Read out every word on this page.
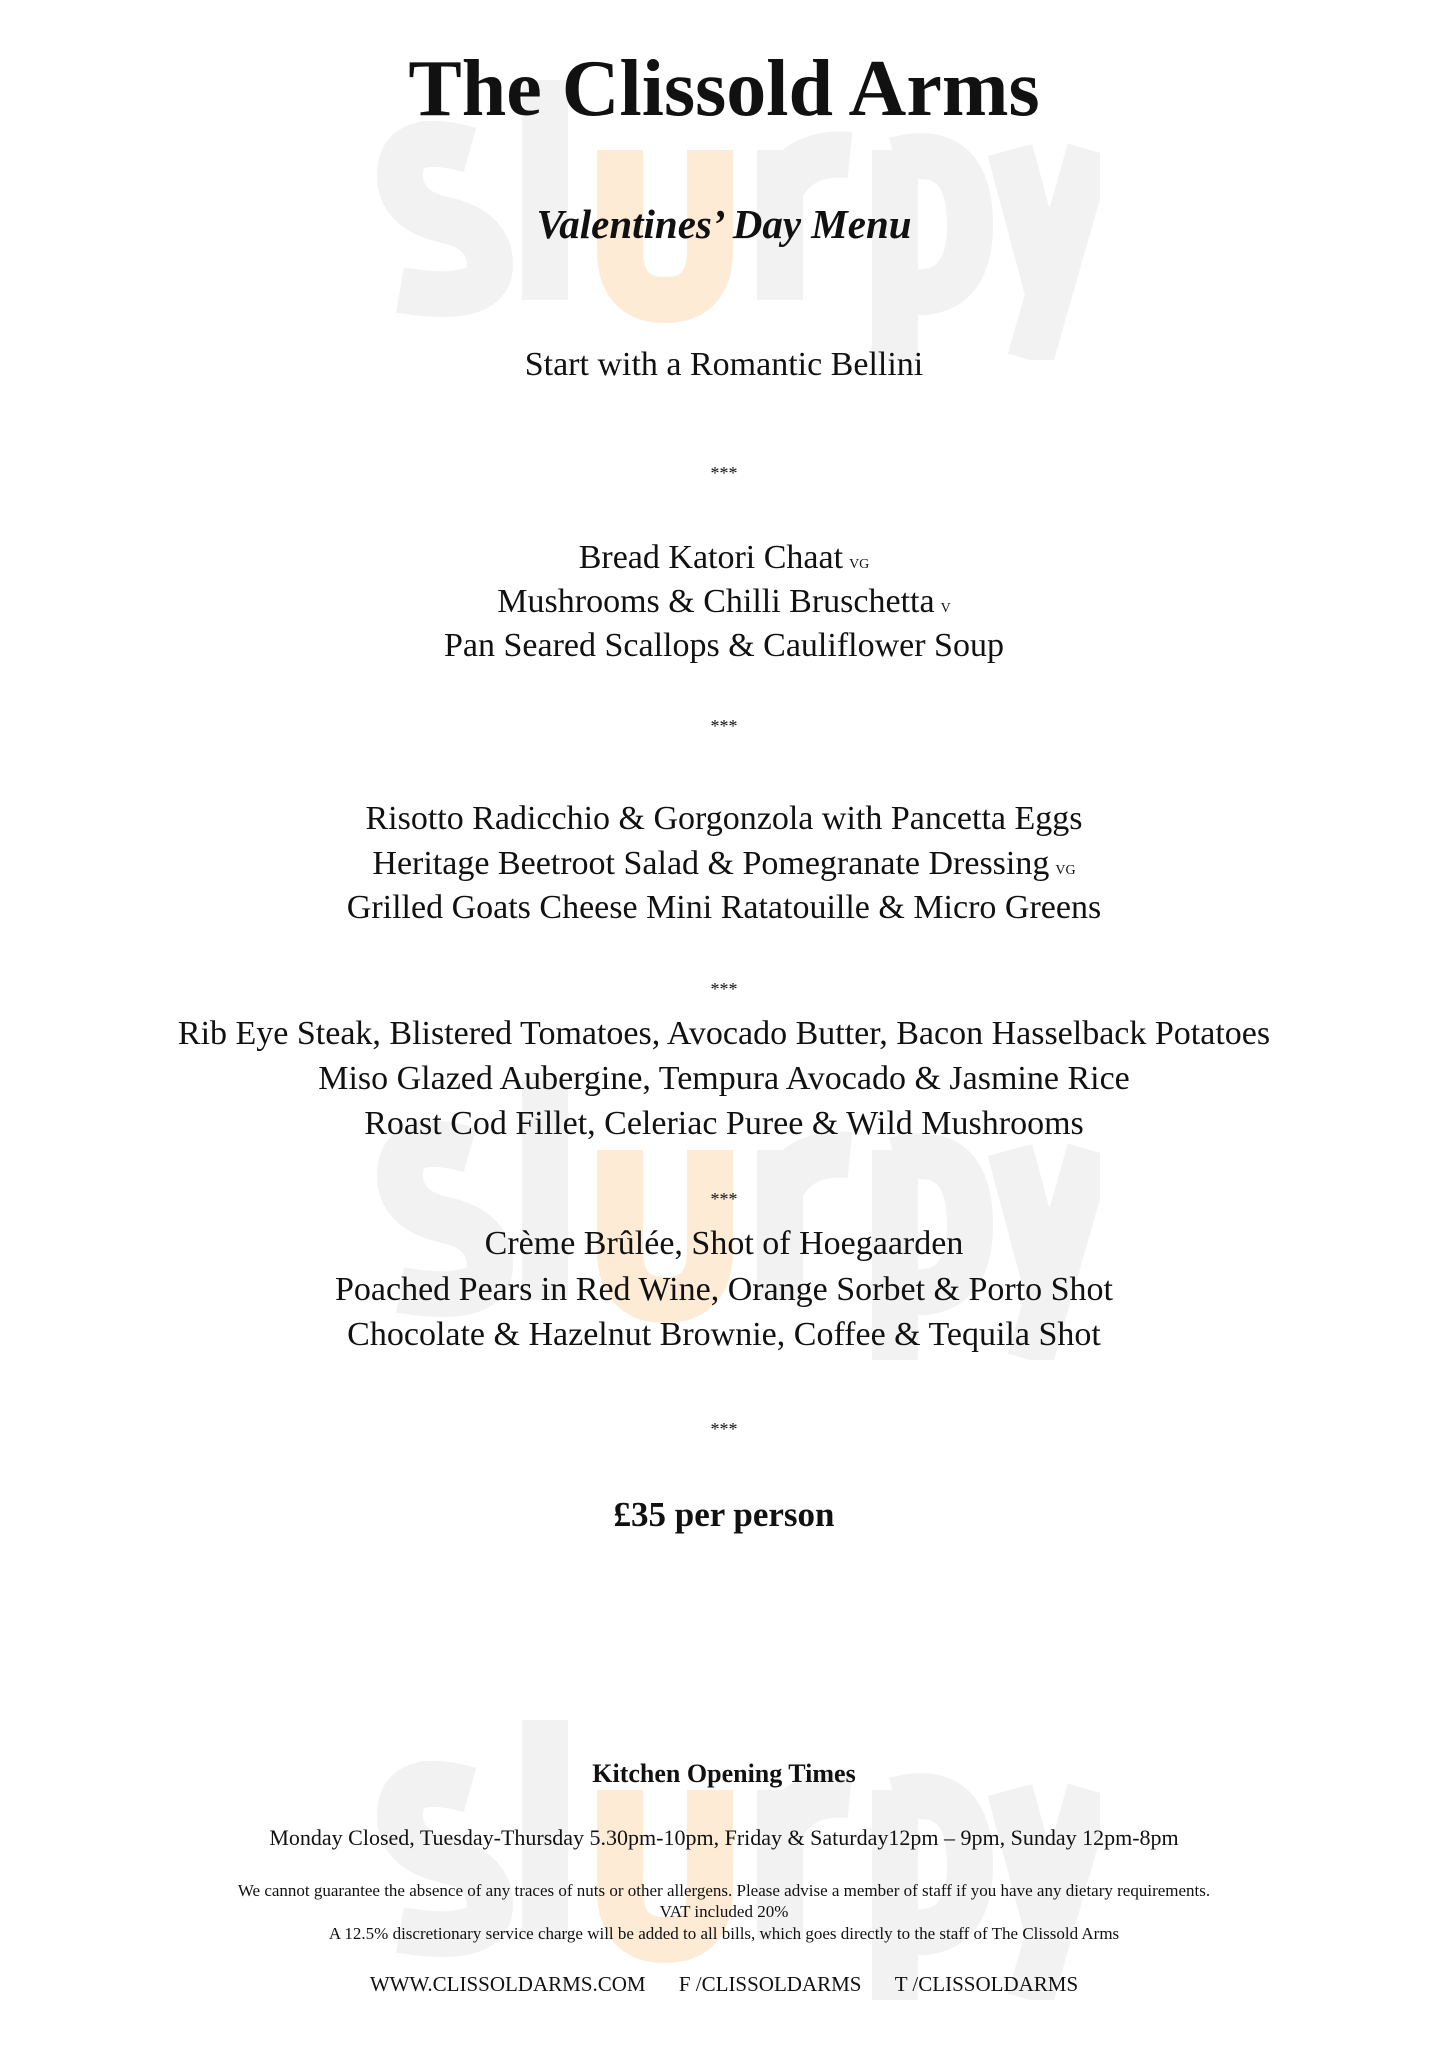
The Clissold Arms
Valentines’ Day Menu
Start with a Romantic Bellini
***
Bread Katori Chaat vg
Mushrooms & Chilli Bruschetta v
Pan Seared Scallops & Cauliflower Soup
***
Risotto Radicchio & Gorgonzola with Pancetta Eggs
Heritage Beetroot Salad & Pomegranate Dressing vg
Grilled Goats Cheese Mini Ratatouille & Micro Greens
***
Rib Eye Steak, Blistered Tomatoes, Avocado Butter, Bacon Hasselback Potatoes
Miso Glazed Aubergine, Tempura Avocado & Jasmine Rice
Roast Cod Fillet, Celeriac Puree & Wild Mushrooms
***
Crème Brûlée, Shot of Hoegaarden
Poached Pears in Red Wine, Orange Sorbet & Porto Shot
Chocolate & Hazelnut Brownie, Coffee & Tequila Shot
***
£35 per person
Kitchen Opening Times
Monday Closed, Tuesday-Thursday 5.30pm-10pm, Friday & Saturday12pm – 9pm, Sunday 12pm-8pm
We cannot guarantee the absence of any traces of nuts or other allergens. Please advise a member of staff if you have any dietary requirements.
VAT included 20%
A 12.5% discretionary service charge will be added to all bills, which goes directly to the staff of The Clissold Arms
WWW.CLISSOLDARMS.COM F /CLISSOLDARMS T /CLISSOLDARMS
